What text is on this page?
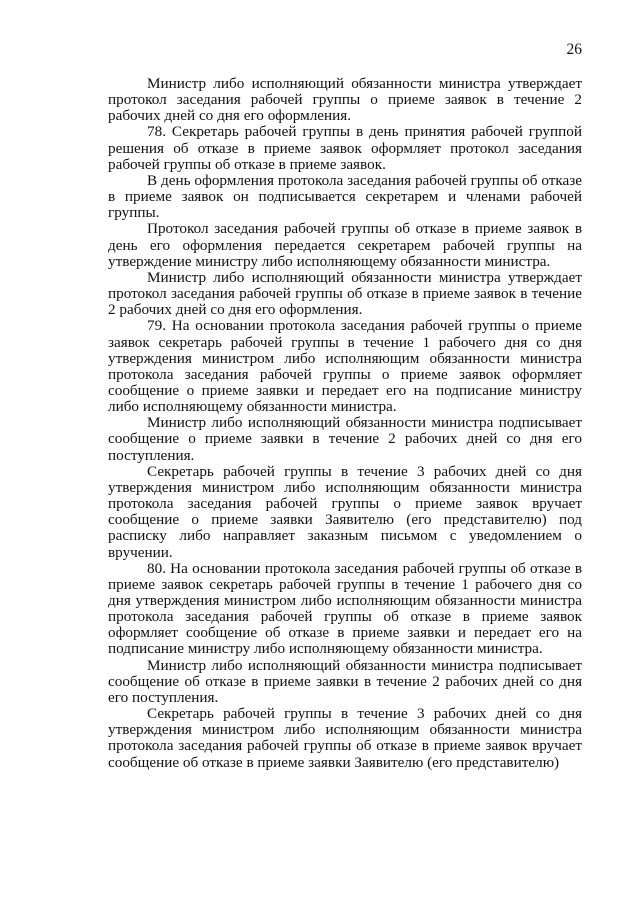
26

Министр либо исполняющий обязанности министра утверждает протокол заседания рабочей группы о приеме заявок в течение 2 рабочих дней со дня его оформления.

78. Секретарь рабочей группы в день принятия рабочей группой решения об отказе в приеме заявок оформляет протокол заседания рабочей группы об отказе в приеме заявок.

В день оформления протокола заседания рабочей группы об отказе в приеме заявок он подписывается секретарем и членами рабочей группы.

Протокол заседания рабочей группы об отказе в приеме заявок в день его оформления передается секретарем рабочей группы на утверждение министру либо исполняющему обязанности министра.

Министр либо исполняющий обязанности министра утверждает протокол заседания рабочей группы об отказе в приеме заявок в течение 2 рабочих дней со дня его оформления.

79. На основании протокола заседания рабочей группы о приеме заявок секретарь рабочей группы в течение 1 рабочего дня со дня утверждения министром либо исполняющим обязанности министра протокола заседания рабочей группы о приеме заявок оформляет сообщение о приеме заявки и передает его на подписание министру либо исполняющему обязанности министра.

Министр либо исполняющий обязанности министра подписывает сообщение о приеме заявки в течение 2 рабочих дней со дня его поступления.

Секретарь рабочей группы в течение 3 рабочих дней со дня утверждения министром либо исполняющим обязанности министра протокола заседания рабочей группы о приеме заявок вручает сообщение о приеме заявки Заявителю (его представителю) под расписку либо направляет заказным письмом с уведомлением о вручении.

80. На основании протокола заседания рабочей группы об отказе в приеме заявок секретарь рабочей группы в течение 1 рабочего дня со дня утверждения министром либо исполняющим обязанности министра протокола заседания рабочей группы об отказе в приеме заявок оформляет сообщение об отказе в приеме заявки и передает его на подписание министру либо исполняющему обязанности министра.

Министр либо исполняющий обязанности министра подписывает сообщение об отказе в приеме заявки в течение 2 рабочих дней со дня его поступления.

Секретарь рабочей группы в течение 3 рабочих дней со дня утверждения министром либо исполняющим обязанности министра протокола заседания рабочей группы об отказе в приеме заявок вручает сообщение об отказе в приеме заявки Заявителю (его представителю)
